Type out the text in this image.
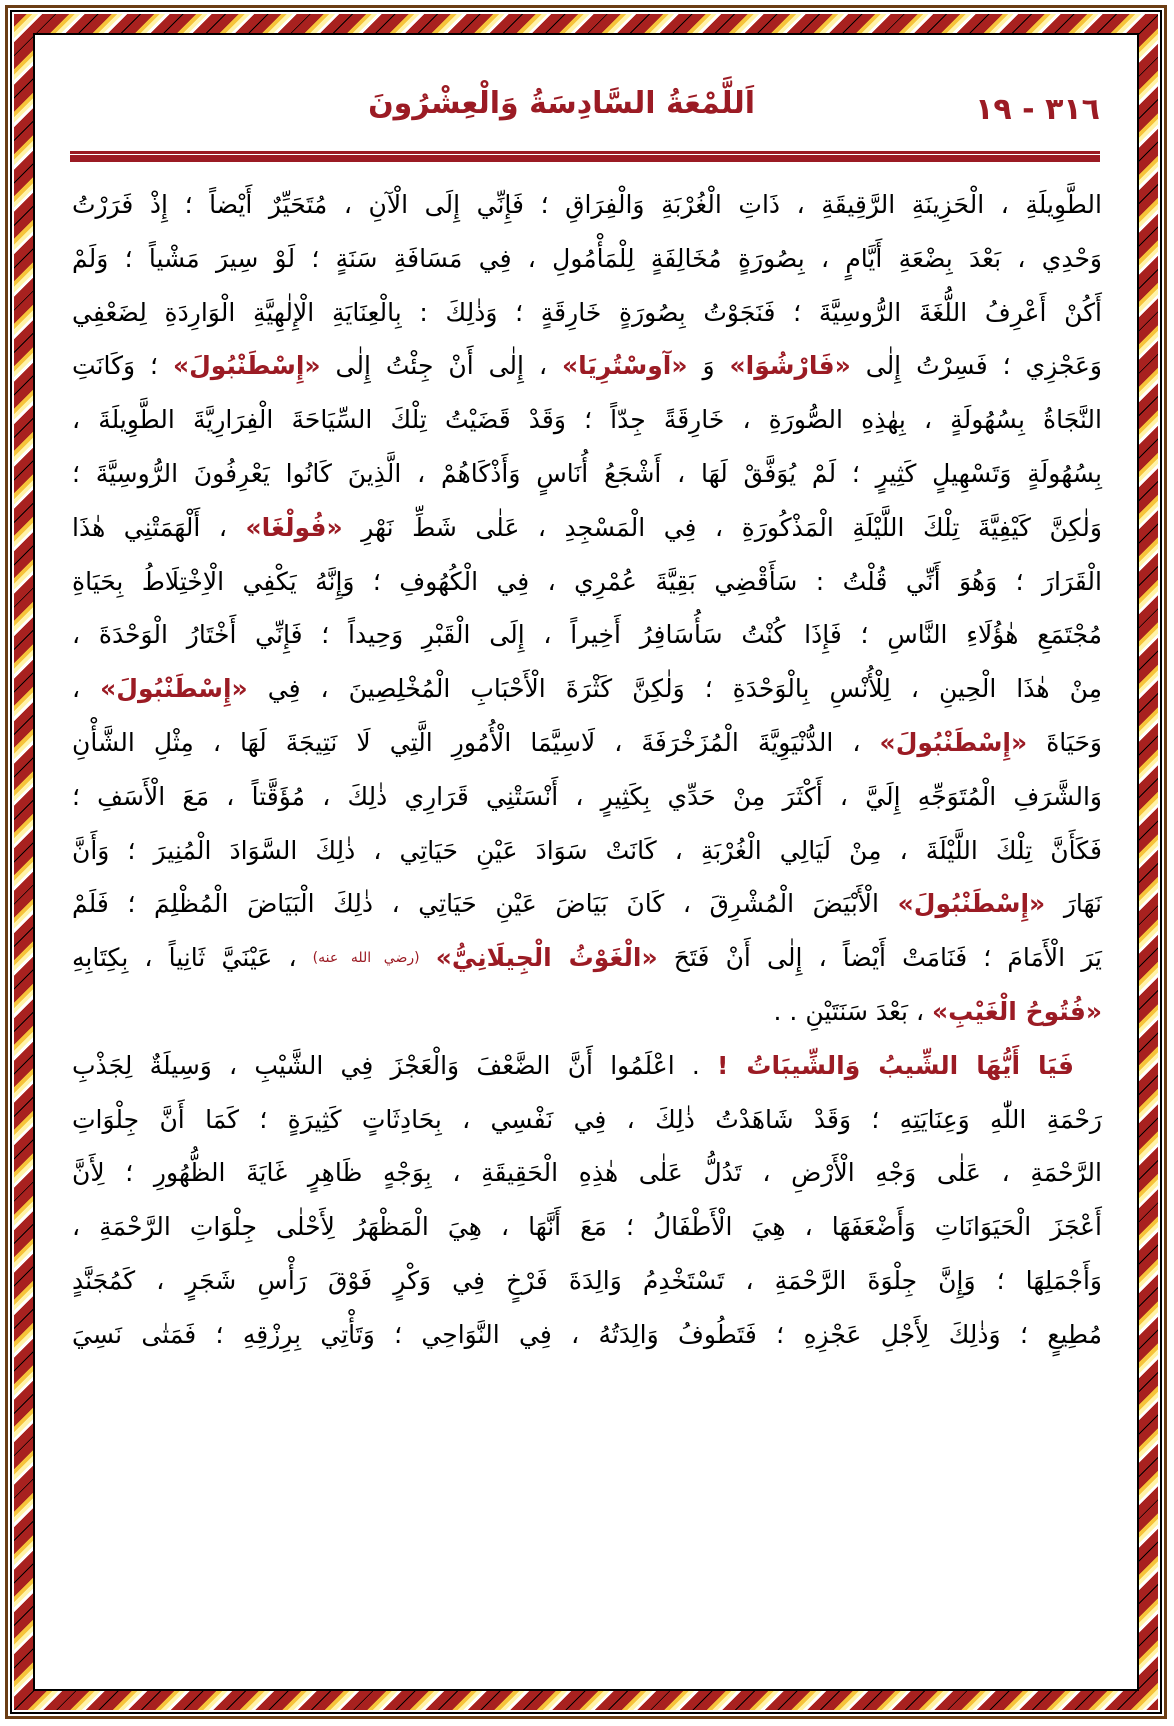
٣١٦ - ١٩
اَللَّمْعَةُ السَّادِسَةُ وَالْعِشْرُونَ
الطَّوِيلَةِ ، الْحَزِينَةِ الرَّقِيقَةِ ، ذَاتِ الْغُرْبَةِ وَالْفِرَاقِ ؛ فَإِنِّي إِلَى الْآنِ ، مُتَحَيِّرٌ أَيْضاً ؛ إِذْ فَرَرْتُ
وَحْدِي ، بَعْدَ بِضْعَةِ أَيَّامٍ ، بِصُورَةٍ مُخَالِفَةٍ لِلْمَأْمُولِ ، فِي مَسَافَةِ سَنَةٍ ؛ لَوْ سِيرَ مَشْياً ؛ وَلَمْ
أَكُنْ أَعْرِفُ اللُّغَةَ الرُّوسِيَّةَ ؛ فَنَجَوْتُ بِصُورَةٍ خَارِقَةٍ ؛ وَذٰلِكَ : بِالْعِنَايَةِ الْإِلٰهِيَّةِ الْوَارِدَةِ لِضَعْفِي
وَعَجْزِي ؛ فَسِرْتُ إِلٰى «فَارْشُوَا» وَ «آوسْتُرِيَا» ، إِلٰى أَنْ جِئْتُ إِلٰى «إِسْطَنْبُولَ» ؛ وَكَانَتِ
النَّجَاةُ بِسُهُولَةٍ ، بِهٰذِهِ الصُّورَةِ ، خَارِقَةً جِدّاً ؛ وَقَدْ قَضَيْتُ تِلْكَ السِّيَاحَةَ الْفِرَارِيَّةَ الطَّوِيلَةَ ،
بِسُهُولَةٍ وَتَسْهِيلٍ كَثِيرٍ ؛ لَمْ يُوَفَّقْ لَهَا ، أَشْجَعُ أُنَاسٍ وَأَذْكَاهُمْ ، الَّذِينَ كَانُوا يَعْرِفُونَ الرُّوسِيَّةَ ؛
وَلٰكِنَّ كَيْفِيَّةَ تِلْكَ اللَّيْلَةِ الْمَذْكُورَةِ ، فِي الْمَسْجِدِ ، عَلٰى شَطِّ نَهْرِ «فُولْغَا» ، أَلْهَمَتْنِي هٰذَا
الْقَرَارَ ؛ وَهُوَ أَنِّي قُلْتُ : سَأَقْضِي بَقِيَّةَ عُمْرِي ، فِي الْكُهُوفِ ؛ وَإِنَّهُ يَكْفِي الْاِخْتِلَاطُ بِحَيَاةِ
مُجْتَمَعِ هٰؤُلَاءِ النَّاسِ ؛ فَإِذَا كُنْتُ سَأُسَافِرُ أَخِيراً ، إِلَى الْقَبْرِ وَحِيداً ؛ فَإِنِّي أَخْتَارُ الْوَحْدَةَ ،
مِنْ هٰذَا الْحِينِ ، لِلْأُنْسِ بِالْوَحْدَةِ ؛ وَلٰكِنَّ كَثْرَةَ الْأَحْبَابِ الْمُخْلِصِينَ ، فِي «إِسْطَنْبُولَ» ،
وَحَيَاةَ «إِسْطَنْبُولَ» ، الدُّنْيَوِيَّةَ الْمُزَخْرَفَةَ ، لَاسِيَّمَا الْأُمُورِ الَّتِي لَا نَتِيجَةَ لَهَا ، مِثْلِ الشَّأْنِ
وَالشَّرَفِ الْمُتَوَجِّهِ إِلَيَّ ، أَكْثَرَ مِنْ حَدِّي بِكَثِيرٍ ، أَنْسَتْنِي قَرَارِي ذٰلِكَ ، مُؤَقَّتاً ، مَعَ الْأَسَفِ ؛
فَكَأَنَّ تِلْكَ اللَّيْلَةَ ، مِنْ لَيَالِي الْغُرْبَةِ ، كَانَتْ سَوَادَ عَيْنِ حَيَاتِي ، ذٰلِكَ السَّوَادَ الْمُنِيرَ ؛ وَأَنَّ
نَهَارَ «إِسْطَنْبُولَ» الْأَبْيَضَ الْمُشْرِقَ ، كَانَ بَيَاضَ عَيْنِ حَيَاتِي ، ذٰلِكَ الْبَيَاضَ الْمُظْلِمَ ؛ فَلَمْ
يَرَ الْأَمَامَ ؛ فَنَامَتْ أَيْضاً ، إِلٰى أَنْ فَتَحَ «الْغَوْثُ الْجِيلَانِيُّ» (رضي الله عنه) ، عَيْنَيَّ ثَانِياً ، بِكِتَابِهِ
«فُتُوحُ الْغَيْبِ» ، بَعْدَ سَنَتَيْنِ . .
فَيَا أَيُّهَا الشِّيبُ وَالشِّيبَاتُ ! . اعْلَمُوا أَنَّ الضَّعْفَ وَالْعَجْزَ فِي الشَّيْبِ ، وَسِيلَةٌ لِجَذْبِ
رَحْمَةِ اللّٰهِ وَعِنَايَتِهِ ؛ وَقَدْ شَاهَدْتُ ذٰلِكَ ، فِي نَفْسِي ، بِحَادِثَاتٍ كَثِيرَةٍ ؛ كَمَا أَنَّ جِلْوَاتِ
الرَّحْمَةِ ، عَلٰى وَجْهِ الْأَرْضِ ، تَدُلُّ عَلٰى هٰذِهِ الْحَقِيقَةِ ، بِوَجْهٍ ظَاهِرٍ غَايَةَ الظُّهُورِ ؛ لِأَنَّ
أَعْجَزَ الْحَيَوَانَاتِ وَأَضْعَفَهَا ، هِيَ الْأَطْفَالُ ؛ مَعَ أَنَّهَا ، هِيَ الْمَظْهَرُ لِأَحْلٰى جِلْوَاتِ الرَّحْمَةِ ،
وَأَجْمَلِهَا ؛ وَإِنَّ جِلْوَةَ الرَّحْمَةِ ، تَسْتَخْدِمُ وَالِدَةَ فَرْخٍ فِي وَكْرٍ فَوْقَ رَأْسِ شَجَرٍ ، كَمُجَنَّدٍ
مُطِيعٍ ؛ وَذٰلِكَ لِأَجْلِ عَجْزِهِ ؛ فَتَطُوفُ وَالِدَتُهُ ، فِي النَّوَاحِي ؛ وَتَأْتِي بِرِزْقِهِ ؛ فَمَتٰى نَسِيَ
